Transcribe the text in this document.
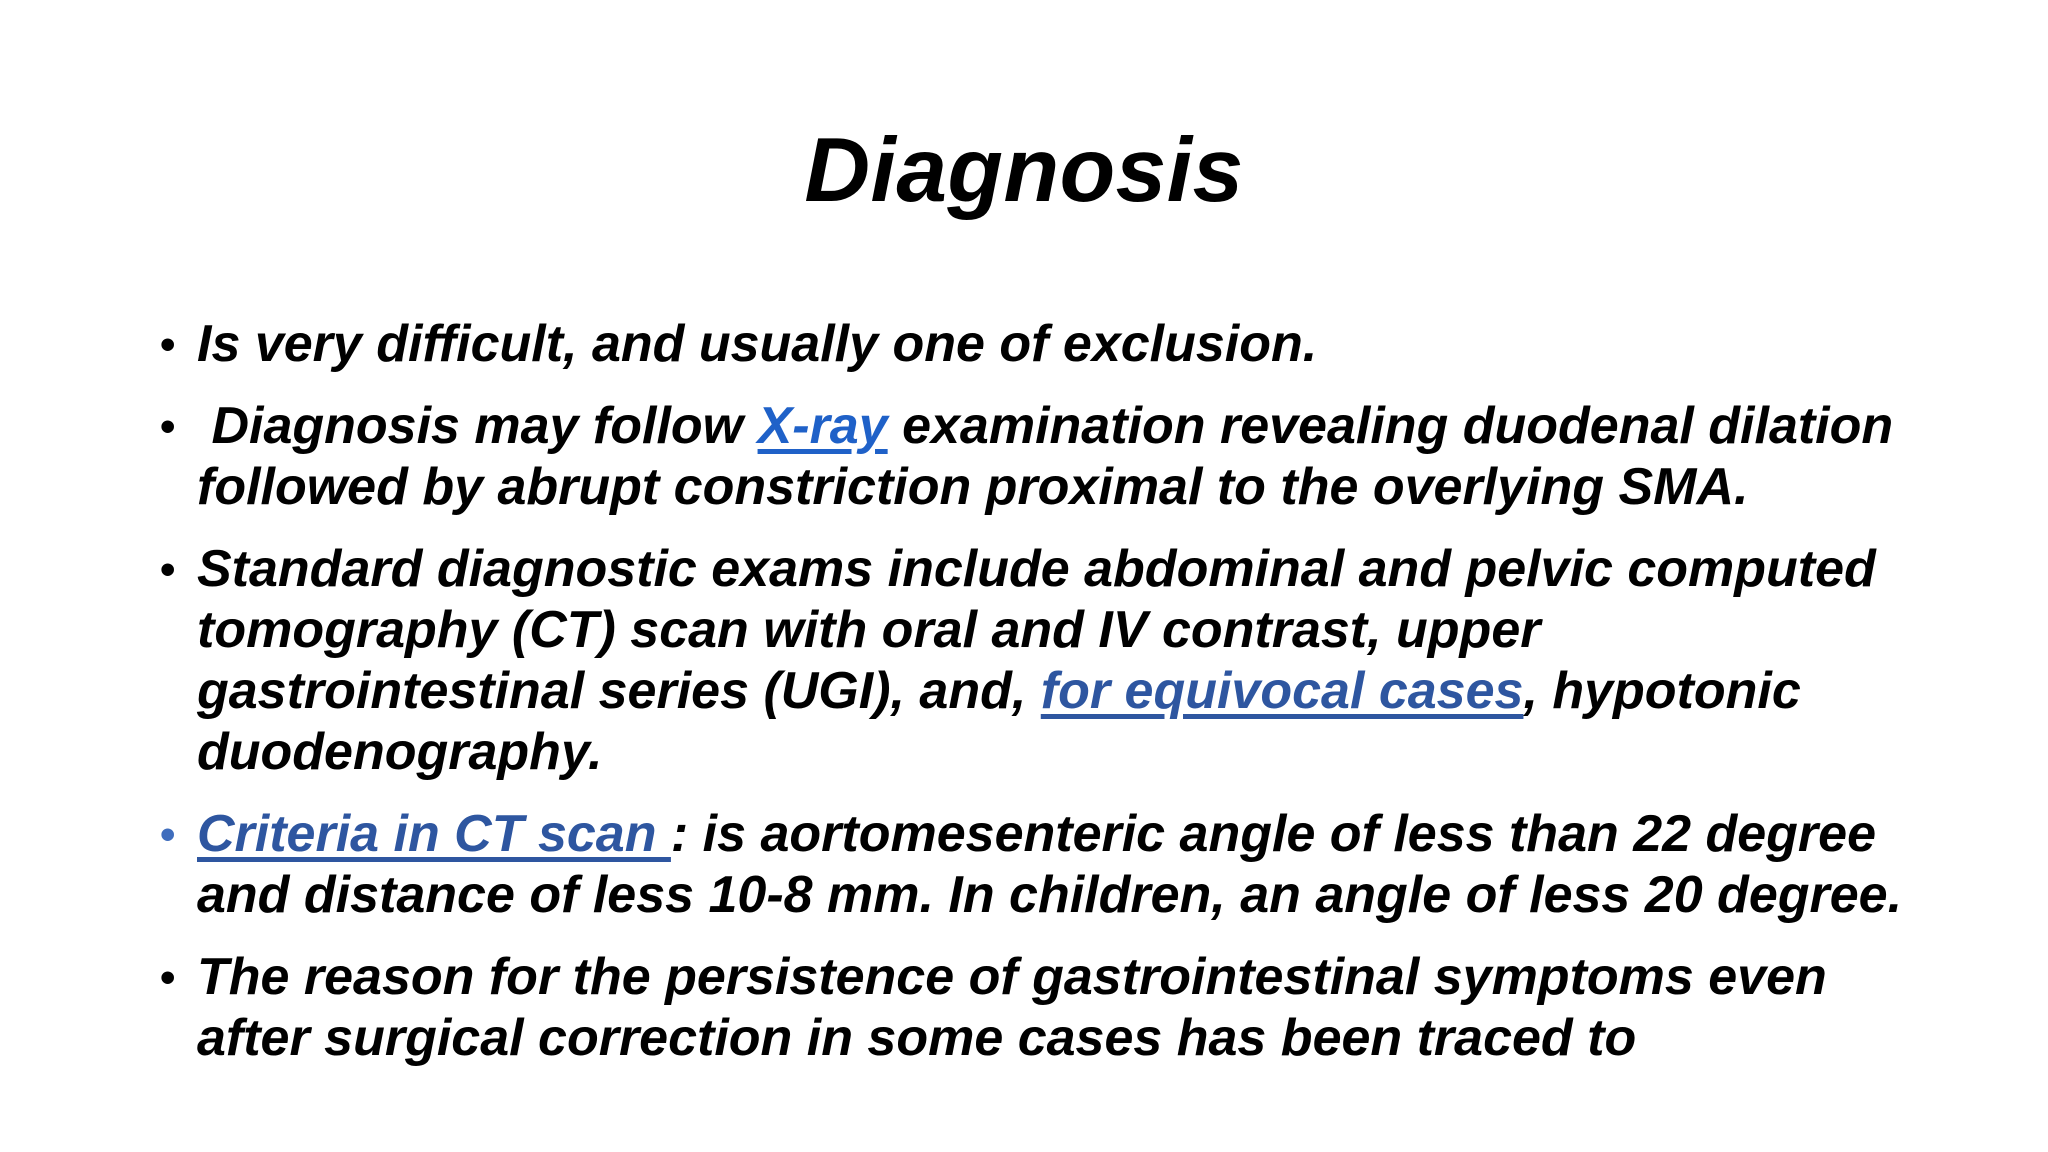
Diagnosis
• Is very difficult, and usually one of exclusion.
• Diagnosis may follow X-ray examination revealing duodenal dilation followed by abrupt constriction proximal to the overlying SMA.
• Standard diagnostic exams include abdominal and pelvic computed tomography (CT) scan with oral and IV contrast, upper gastrointestinal series (UGI), and, for equivocal cases, hypotonic duodenography.
• Criteria in CT scan : is aortomesenteric angle of less than 22 degree and distance of less 10-8 mm. In children, an angle of less 20 degree.
• The reason for the persistence of gastrointestinal symptoms even after surgical correction in some cases has been traced to
